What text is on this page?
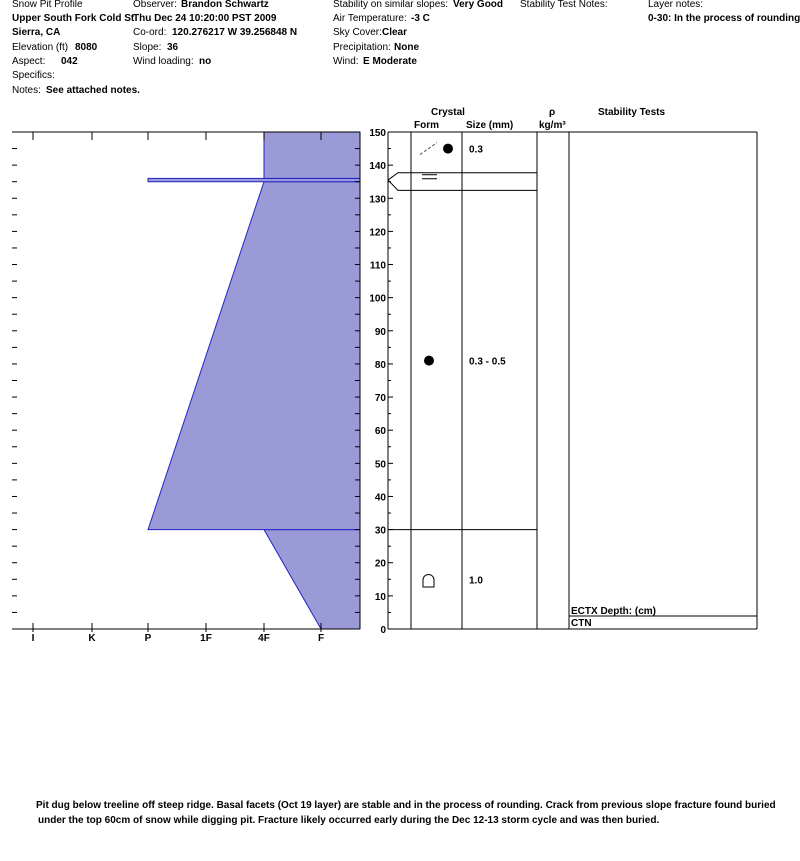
Snow Pit Profile
Upper South Fork Cold St
Sierra, CA
Elevation (ft) 8080
Aspect: 042
Specifics:
Notes: See attached notes.
Observer: Brandon Schwartz
Thu Dec 24 10:20:00 PST 2009
Co-ord: 120.276217 W 39.256848 N
Slope: 36
Wind loading: no
Stability on similar slopes: Very Good
Air Temperature: -3 C
Sky Cover: Clear
Precipitation: None
Wind: E Moderate
Stability Test Notes:	Layer notes:
0-30: In the process of rounding
Crystal
Form	Size (mm)
ρ
kg/m³
Stability Tests
I	K	P	1F	4F	F
0
10
20
30
40
50
60
70
80
90
100
110
120
130
140
150
ECTX Depth: (cm)
CTN
0.3
0.3 - 0.5
1.0
Pit dug below treeline off steep ridge. Basal facets (Oct 19 layer) are stable and in the process of rounding. Crack from previous slope fracture found buried
under the top 60cm of snow while digging pit. Fracture likely occurred early during the Dec 12-13 storm cycle and was then buried.
